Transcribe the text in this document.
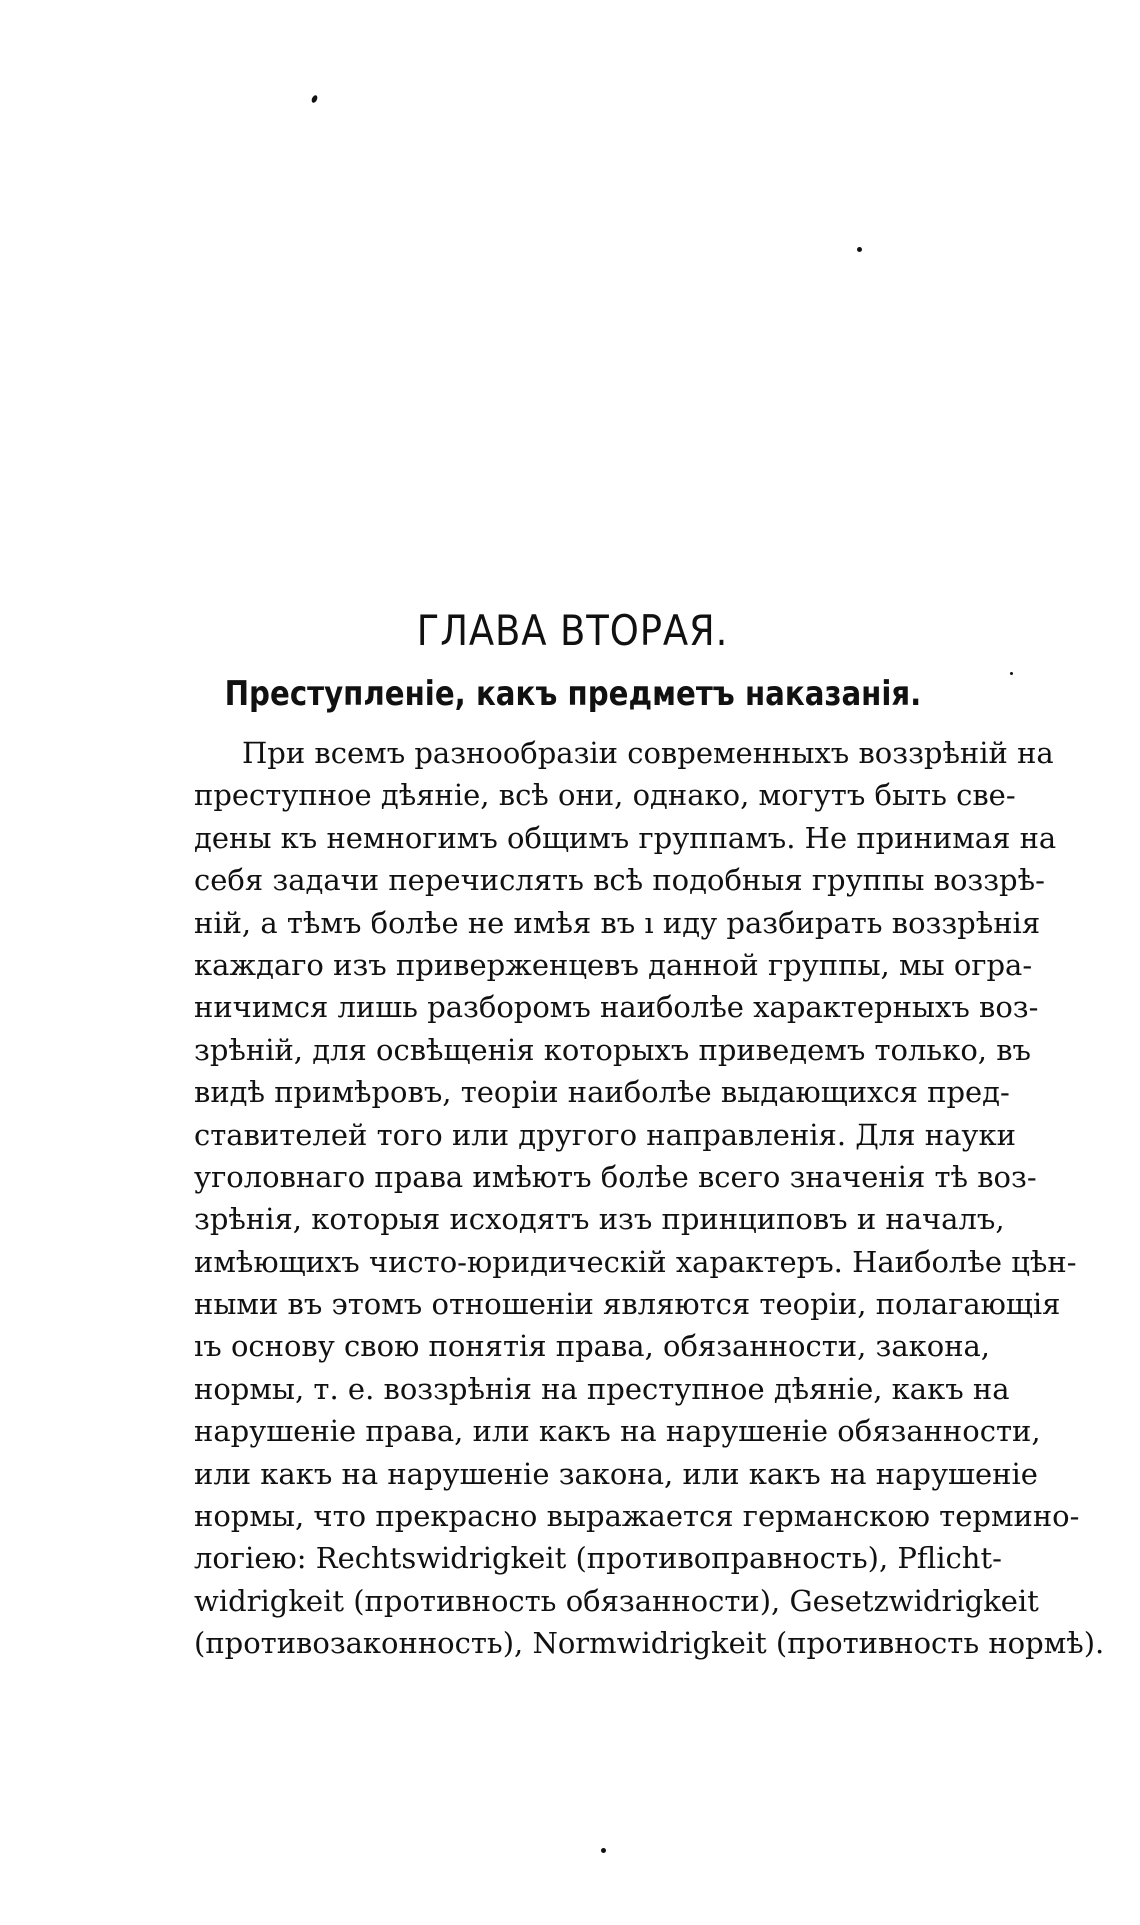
ГЛАВА ВТОРАЯ.
Преступленіе, какъ предметъ наказанія.
При всемъ разнообразіи современныхъ воззрѣній на
преступное дѣяніе, всѣ они, однако, могутъ быть све-
дены къ немногимъ общимъ группамъ. Не принимая на
себя задачи перечислять всѣ подобныя группы воззрѣ-
ній, а тѣмъ болѣе не имѣя въ ı иду разбирать воззрѣнія
каждаго изъ приверженцевъ данной группы, мы огра-
ничимся лишь разборомъ наиболѣе характерныхъ воз-
зрѣній, для освѣщенія которыхъ приведемъ только, въ
видѣ примѣровъ, теоріи наиболѣе выдающихся пред-
ставителей того или другого направленія. Для науки
уголовнаго права имѣютъ болѣе всего значенія тѣ воз-
зрѣнія, которыя исходятъ изъ принциповъ и началъ,
имѣющихъ чисто-юридическій характеръ. Наиболѣе цѣн-
ными въ этомъ отношеніи являются теоріи, полагающія
ıъ основу свою понятія права, обязанности, закона,
нормы, т. е. воззрѣнія на преступное дѣяніе, какъ на
нарушеніе права, или какъ на нарушеніе обязанности,
или какъ на нарушеніе закона, или какъ на нарушеніе
нормы, что прекрасно выражается германскою термино-
логіею: Rechtswidrigkeit (противоправность), Pflicht-
widrigkeit (противность обязанности), Gesetzwidrigkeit
(противозаконность), Normwidrigkeit (противность нормѣ).
